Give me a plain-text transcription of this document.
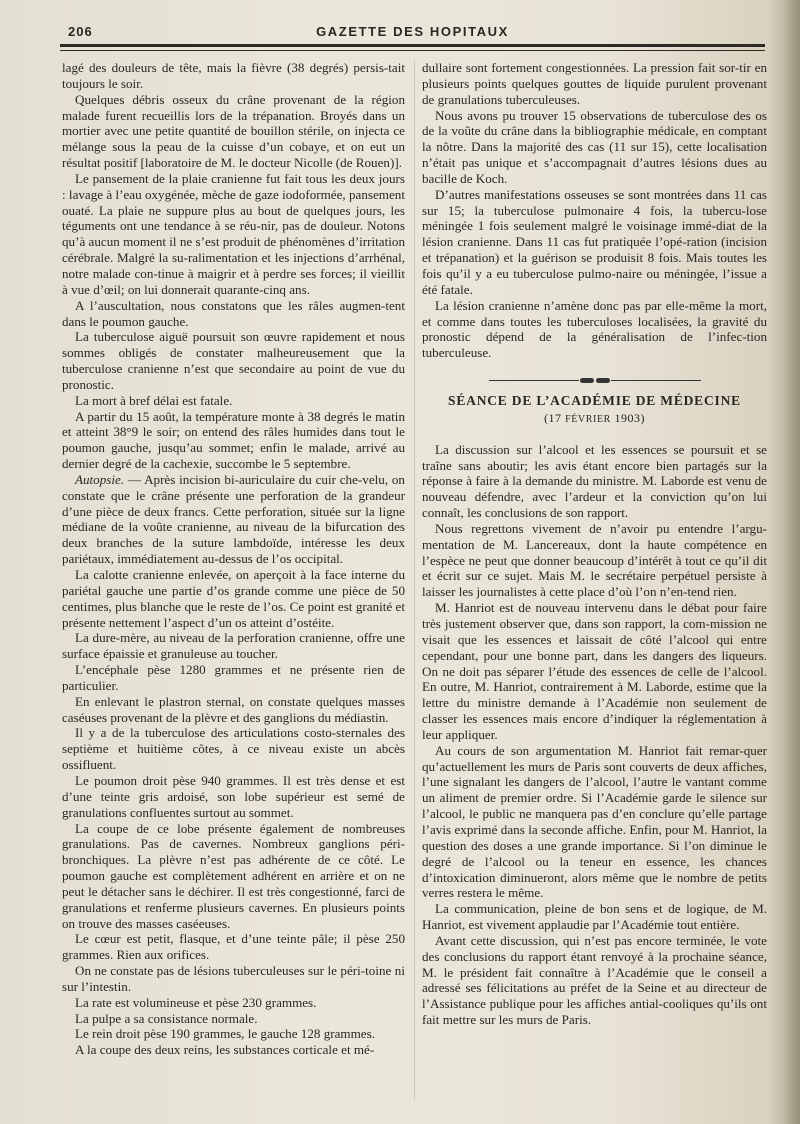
206	GAZETTE DES HOPITAUX

lagé des douleurs de tête, mais la fièvre (38 degrés) persis-tait toujours le soir.

Quelques débris osseux du crâne provenant de la région malade furent recueillis lors de la trépanation. Broyés dans un mortier avec une petite quantité de bouillon stérile, on injecta ce mélange sous la peau de la cuisse d’un cobaye, et on eut un résultat positif [laboratoire de M. le docteur Nicolle (de Rouen)].

Le pansement de la plaie cranienne fut fait tous les deux jours : lavage à l’eau oxygénée, mèche de gaze iodoformée, pansement ouaté. La plaie ne suppure plus au bout de quelques jours, les téguments ont une tendance à se réu-nir, pas de douleur. Notons qu’à aucun moment il ne s’est produit de phénomènes d’irritation cérébrale. Malgré la su-ralimentation et les injections d’arrhénal, notre malade con-tinue à maigrir et à perdre ses forces; il vieillit à vue d’œil; on lui donnerait quarante-cinq ans.

A l’auscultation, nous constatons que les râles augmen-tent dans le poumon gauche.

La tuberculose aiguë poursuit son œuvre rapidement et nous sommes obligés de constater malheureusement que la tuberculose cranienne n’est que secondaire au point de vue du pronostic.

La mort à bref délai est fatale.

A partir du 15 août, la température monte à 38 degrés le matin et atteint 38°9 le soir; on entend des râles humides dans tout le poumon gauche, jusqu’au sommet; enfin le malade, arrivé au dernier degré de la cachexie, succombe le 5 septembre.

Autopsie. — Après incision bi-auriculaire du cuir che-velu, on constate que le crâne présente une perforation de la grandeur d’une pièce de deux francs. Cette perforation, située sur la ligne médiane de la voûte cranienne, au niveau de la bifurcation des deux branches de la suture lambdoïde, intéresse les deux pariétaux, immédiatement au-dessus de l’os occipital.

La calotte cranienne enlevée, on aperçoit à la face interne du pariétal gauche une partie d’os grande comme une pièce de 50 centimes, plus blanche que le reste de l’os. Ce point est granité et présente nettement l’aspect d’un os atteint d’ostéite.

La dure-mère, au niveau de la perforation cranienne, offre une surface épaissie et granuleuse au toucher.

L’encéphale pèse 1280 grammes et ne présente rien de particulier.

En enlevant le plastron sternal, on constate quelques masses caséuses provenant de la plèvre et des ganglions du médiastin.

Il y a de la tuberculose des articulations costo-sternales des septième et huitième côtes, à ce niveau existe un abcès ossifluent.

Le poumon droit pèse 940 grammes. Il est très dense et est d’une teinte gris ardoisé, son lobe supérieur est semé de granulations confluentes surtout au sommet.

La coupe de ce lobe présente également de nombreuses granulations. Pas de cavernes. Nombreux ganglions péri-bronchiques. La plèvre n’est pas adhérente de ce côté. Le poumon gauche est complètement adhérent en arrière et on ne peut le détacher sans le déchirer. Il est très congestionné, farci de granulations et renferme plusieurs cavernes. En plusieurs points on trouve des masses caséeuses.

Le cœur est petit, flasque, et d’une teinte pâle; il pèse 250 grammes. Rien aux orifices.

On ne constate pas de lésions tuberculeuses sur le péri-toine ni sur l’intestin.

La rate est volumineuse et pèse 230 grammes.

La pulpe a sa consistance normale.

Le rein droit pèse 190 grammes, le gauche 128 grammes.

A la coupe des deux reins, les substances corticale et mé-

dullaire sont fortement congestionnées. La pression fait sor-tir en plusieurs points quelques gouttes de liquide purulent provenant de granulations tuberculeuses.

Nous avons pu trouver 15 observations de tuberculose des os de la voûte du crâne dans la bibliographie médicale, en comptant la nôtre. Dans la majorité des cas (11 sur 15), cette localisation n’était pas unique et s’accompagnait d’autres lésions dues au bacille de Koch.

D’autres manifestations osseuses se sont montrées dans 11 cas sur 15; la tuberculose pulmonaire 4 fois, la tubercu-lose méningée 1 fois seulement malgré le voisinage immé-diat de la lésion cranienne. Dans 11 cas fut pratiquée l’opé-ration (incision et trépanation) et la guérison se produisit 8 fois. Mais toutes les fois qu’il y a eu tuberculose pulmo-naire ou méningée, l’issue a été fatale.

La lésion cranienne n’amène donc pas par elle-même la mort, et comme dans toutes les tuberculoses localisées, la gravité du pronostic dépend de la généralisation de l’infec-tion tuberculeuse.

SÉANCE DE L’ACADÉMIE DE MÉDECINE
(17 FÉVRIER 1903)

La discussion sur l’alcool et les essences se poursuit et se traîne sans aboutir; les avis étant encore bien partagés sur la réponse à faire à la demande du ministre. M. Laborde est venu de nouveau défendre, avec l’ardeur et la conviction qu’on lui connaît, les conclusions de son rapport.

Nous regrettons vivement de n’avoir pu entendre l’argu-mentation de M. Lancereaux, dont la haute compétence en l’espèce ne peut que donner beaucoup d’intérêt à tout ce qu’il dit et écrit sur ce sujet. Mais M. le secrétaire perpétuel persiste à laisser les journalistes à cette place d’où l’on n’en-tend rien.

M. Hanriot est de nouveau intervenu dans le débat pour faire très justement observer que, dans son rapport, la com-mission ne visait que les essences et laissait de côté l’alcool qui entre cependant, pour une bonne part, dans les dangers des liqueurs. On ne doit pas séparer l’étude des essences de celle de l’alcool. En outre, M. Hanriot, contrairement à M. Laborde, estime que la lettre du ministre demande à l’Académie non seulement de classer les essences mais encore d’indiquer la réglementation à leur appliquer.

Au cours de son argumentation M. Hanriot fait remar-quer qu’actuellement les murs de Paris sont couverts de deux affiches, l’une signalant les dangers de l’alcool, l’autre le vantant comme un aliment de premier ordre. Si l’Académie garde le silence sur l’alcool, le public ne manquera pas d’en conclure qu’elle partage l’avis exprimé dans la seconde affiche. Enfin, pour M. Hanriot, la question des doses a une grande importance. Si l’on diminue le degré de l’alcool ou la teneur en essence, les chances d’intoxication diminueront, alors même que le nombre de petits verres restera le même.

La communication, pleine de bon sens et de logique, de M. Hanriot, est vivement applaudie par l’Académie tout entière.

Avant cette discussion, qui n’est pas encore terminée, le vote des conclusions du rapport étant renvoyé à la prochaine séance, M. le président fait connaître à l’Académie que le conseil a adressé ses félicitations au préfet de la Seine et au directeur de l’Assistance publique pour les affiches antial-cooliques qu’ils ont fait mettre sur les murs de Paris.
